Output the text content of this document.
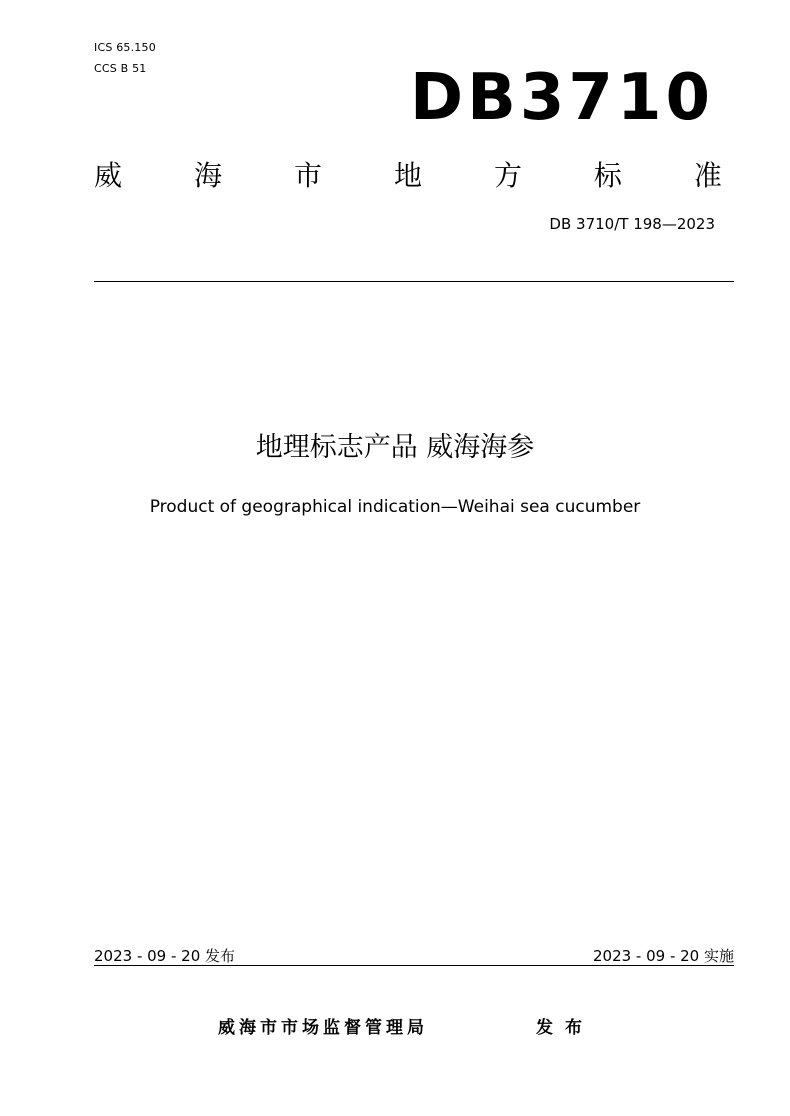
ICS 65.150
CCS B 51	DB3710
威	海	市	地	方	标	准
DB 3710/T 198—2023
地理标志产品 威海海参
Product of geographical indication—Weihai sea cucumber
2023 - 09 - 20 发布	2023 - 09 - 20 实施
威海市市场监督管理局	发布
